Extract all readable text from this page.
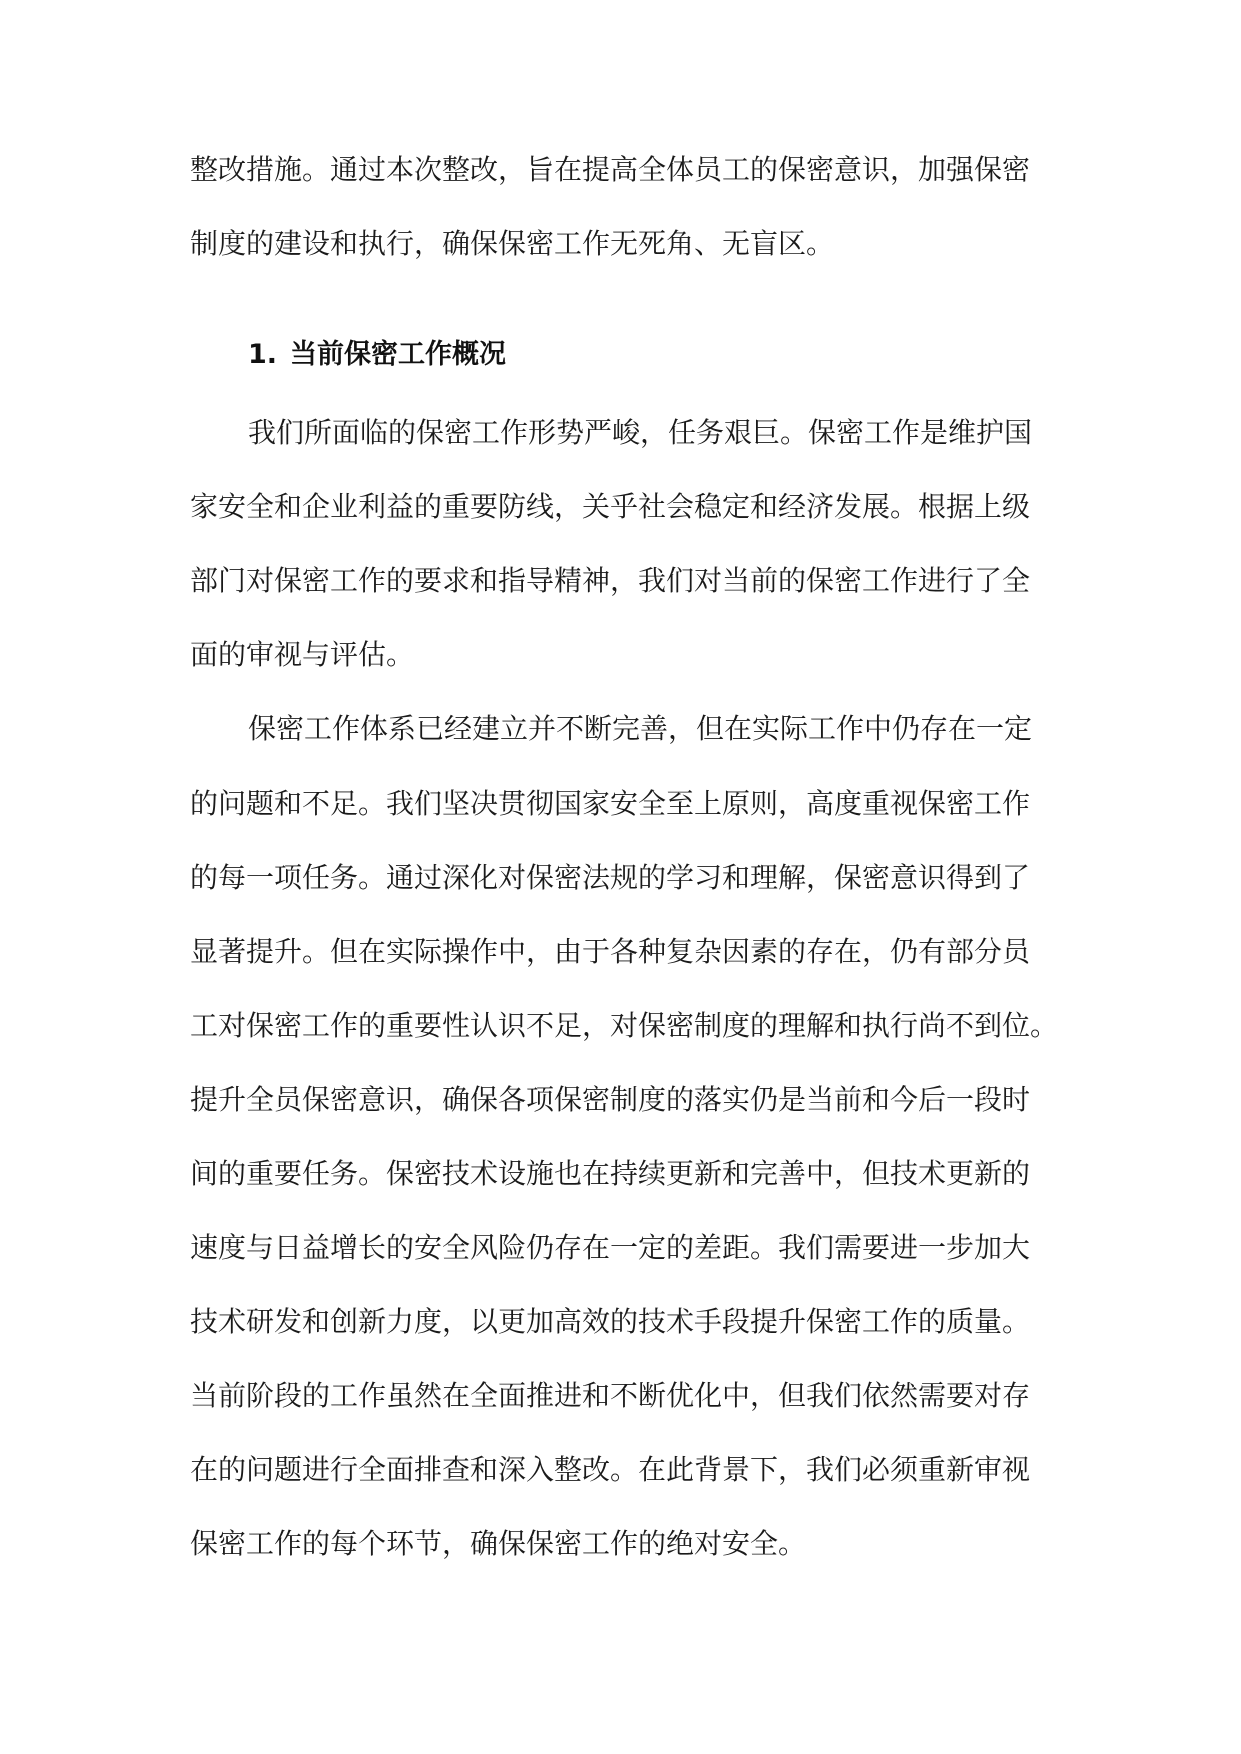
整改措施。通过本次整改，旨在提高全体员工的保密意识，加强保密
制度的建设和执行，确保保密工作无死角、无盲区。
1. 当前保密工作概况
我们所面临的保密工作形势严峻，任务艰巨。保密工作是维护国
家安全和企业利益的重要防线，关乎社会稳定和经济发展。根据上级
部门对保密工作的要求和指导精神，我们对当前的保密工作进行了全
面的审视与评估。
保密工作体系已经建立并不断完善，但在实际工作中仍存在一定
的问题和不足。我们坚决贯彻国家安全至上原则，高度重视保密工作
的每一项任务。通过深化对保密法规的学习和理解，保密意识得到了
显著提升。但在实际操作中，由于各种复杂因素的存在，仍有部分员
工对保密工作的重要性认识不足，对保密制度的理解和执行尚不到位。
提升全员保密意识，确保各项保密制度的落实仍是当前和今后一段时
间的重要任务。保密技术设施也在持续更新和完善中，但技术更新的
速度与日益增长的安全风险仍存在一定的差距。我们需要进一步加大
技术研发和创新力度，以更加高效的技术手段提升保密工作的质量。
当前阶段的工作虽然在全面推进和不断优化中，但我们依然需要对存
在的问题进行全面排查和深入整改。在此背景下，我们必须重新审视
保密工作的每个环节，确保保密工作的绝对安全。
